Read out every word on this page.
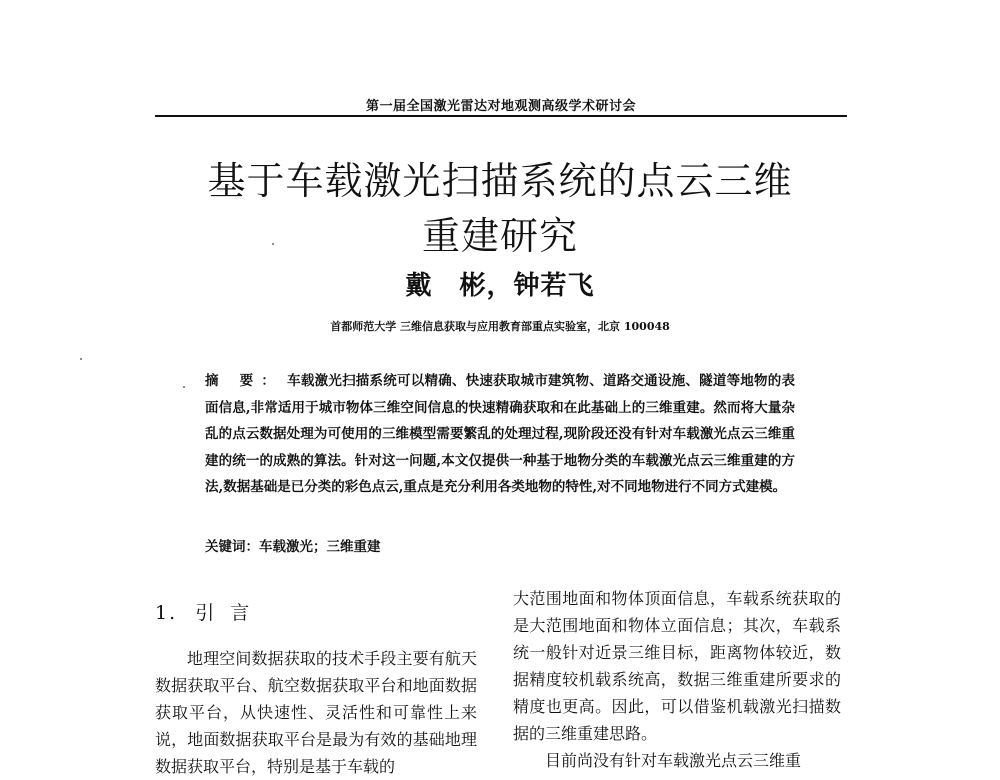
第一届全国激光雷达对地观测高级学术研讨会
基于车载激光扫描系统的点云三维
重建研究
戴　彬，钟若飞
首都师范大学 三维信息获取与应用教育部重点实验室，北京 100048
摘 要： 车载激光扫描系统可以精确、快速获取城市建筑物、道路交通设施、隧道等地物的表面信息,非常适用于城市物体三维空间信息的快速精确获取和在此基础上的三维重建。然而将大量杂乱的点云数据处理为可使用的三维模型需要繁乱的处理过程,现阶段还没有针对车载激光点云三维重建的统一的成熟的算法。针对这一问题,本文仅提供一种基于地物分类的车载激光点云三维重建的方法,数据基础是已分类的彩色点云,重点是充分利用各类地物的特性,对不同地物进行不同方式建模。
关键词：车载激光；三维重建
1. 引 言
地理空间数据获取的技术手段主要有航天数据获取平台、航空数据获取平台和地面数据获取平台，从快速性、灵活性和可靠性上来说，地面数据获取平台是最为有效的基础地理数据获取平台，特别是基于车载的
大范围地面和物体顶面信息，车载系统获取的是大范围地面和物体立面信息；其次，车载系统一般针对近景三维目标，距离物体较近，数据精度较机载系统高，数据三维重建所要求的精度也更高。因此，可以借鉴机载激光扫描数据的三维重建思路。
目前尚没有针对车载激光点云三维重
